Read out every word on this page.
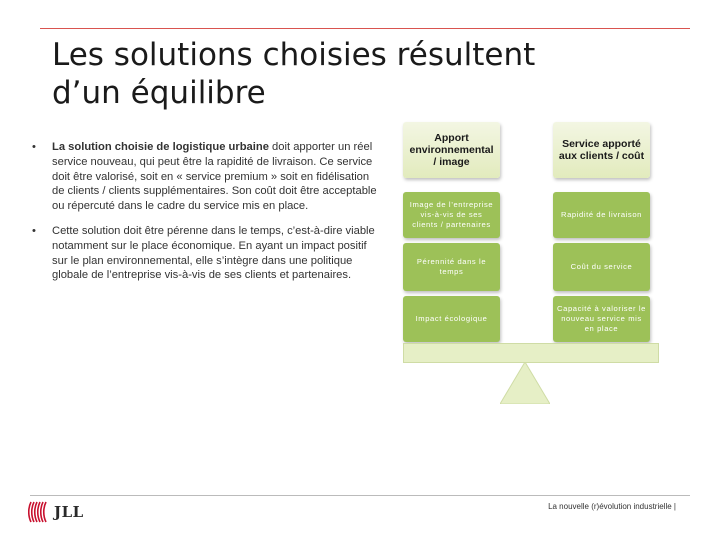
Les solutions choisies résultent
d’un équilibre
• La solution choisie de logistique urbaine doit apporter un réel service nouveau, qui peut être la rapidité de livraison. Ce service doit être valorisé, soit en « service premium » soit en fidélisation de clients / clients supplémentaires. Son coût doit être acceptable ou répercuté dans le cadre du service mis en place.
• Cette solution doit être pérenne dans le temps, c’est-à-dire viable notamment sur le place économique. En ayant un impact positif sur le plan environnemental, elle s’intègre dans une politique globale de l’entreprise vis-à-vis de ses clients et partenaires.
Apport environnemental / image
Service apporté aux clients / coût
Image de l’entreprise vis-à-vis de ses clients / partenaires
Pérennité dans le temps
Impact écologique
Rapidité de livraison
Coût du service
Capacité à valoriser le nouveau service mis en place
JLL	La nouvelle (r)évolution industrielle |
